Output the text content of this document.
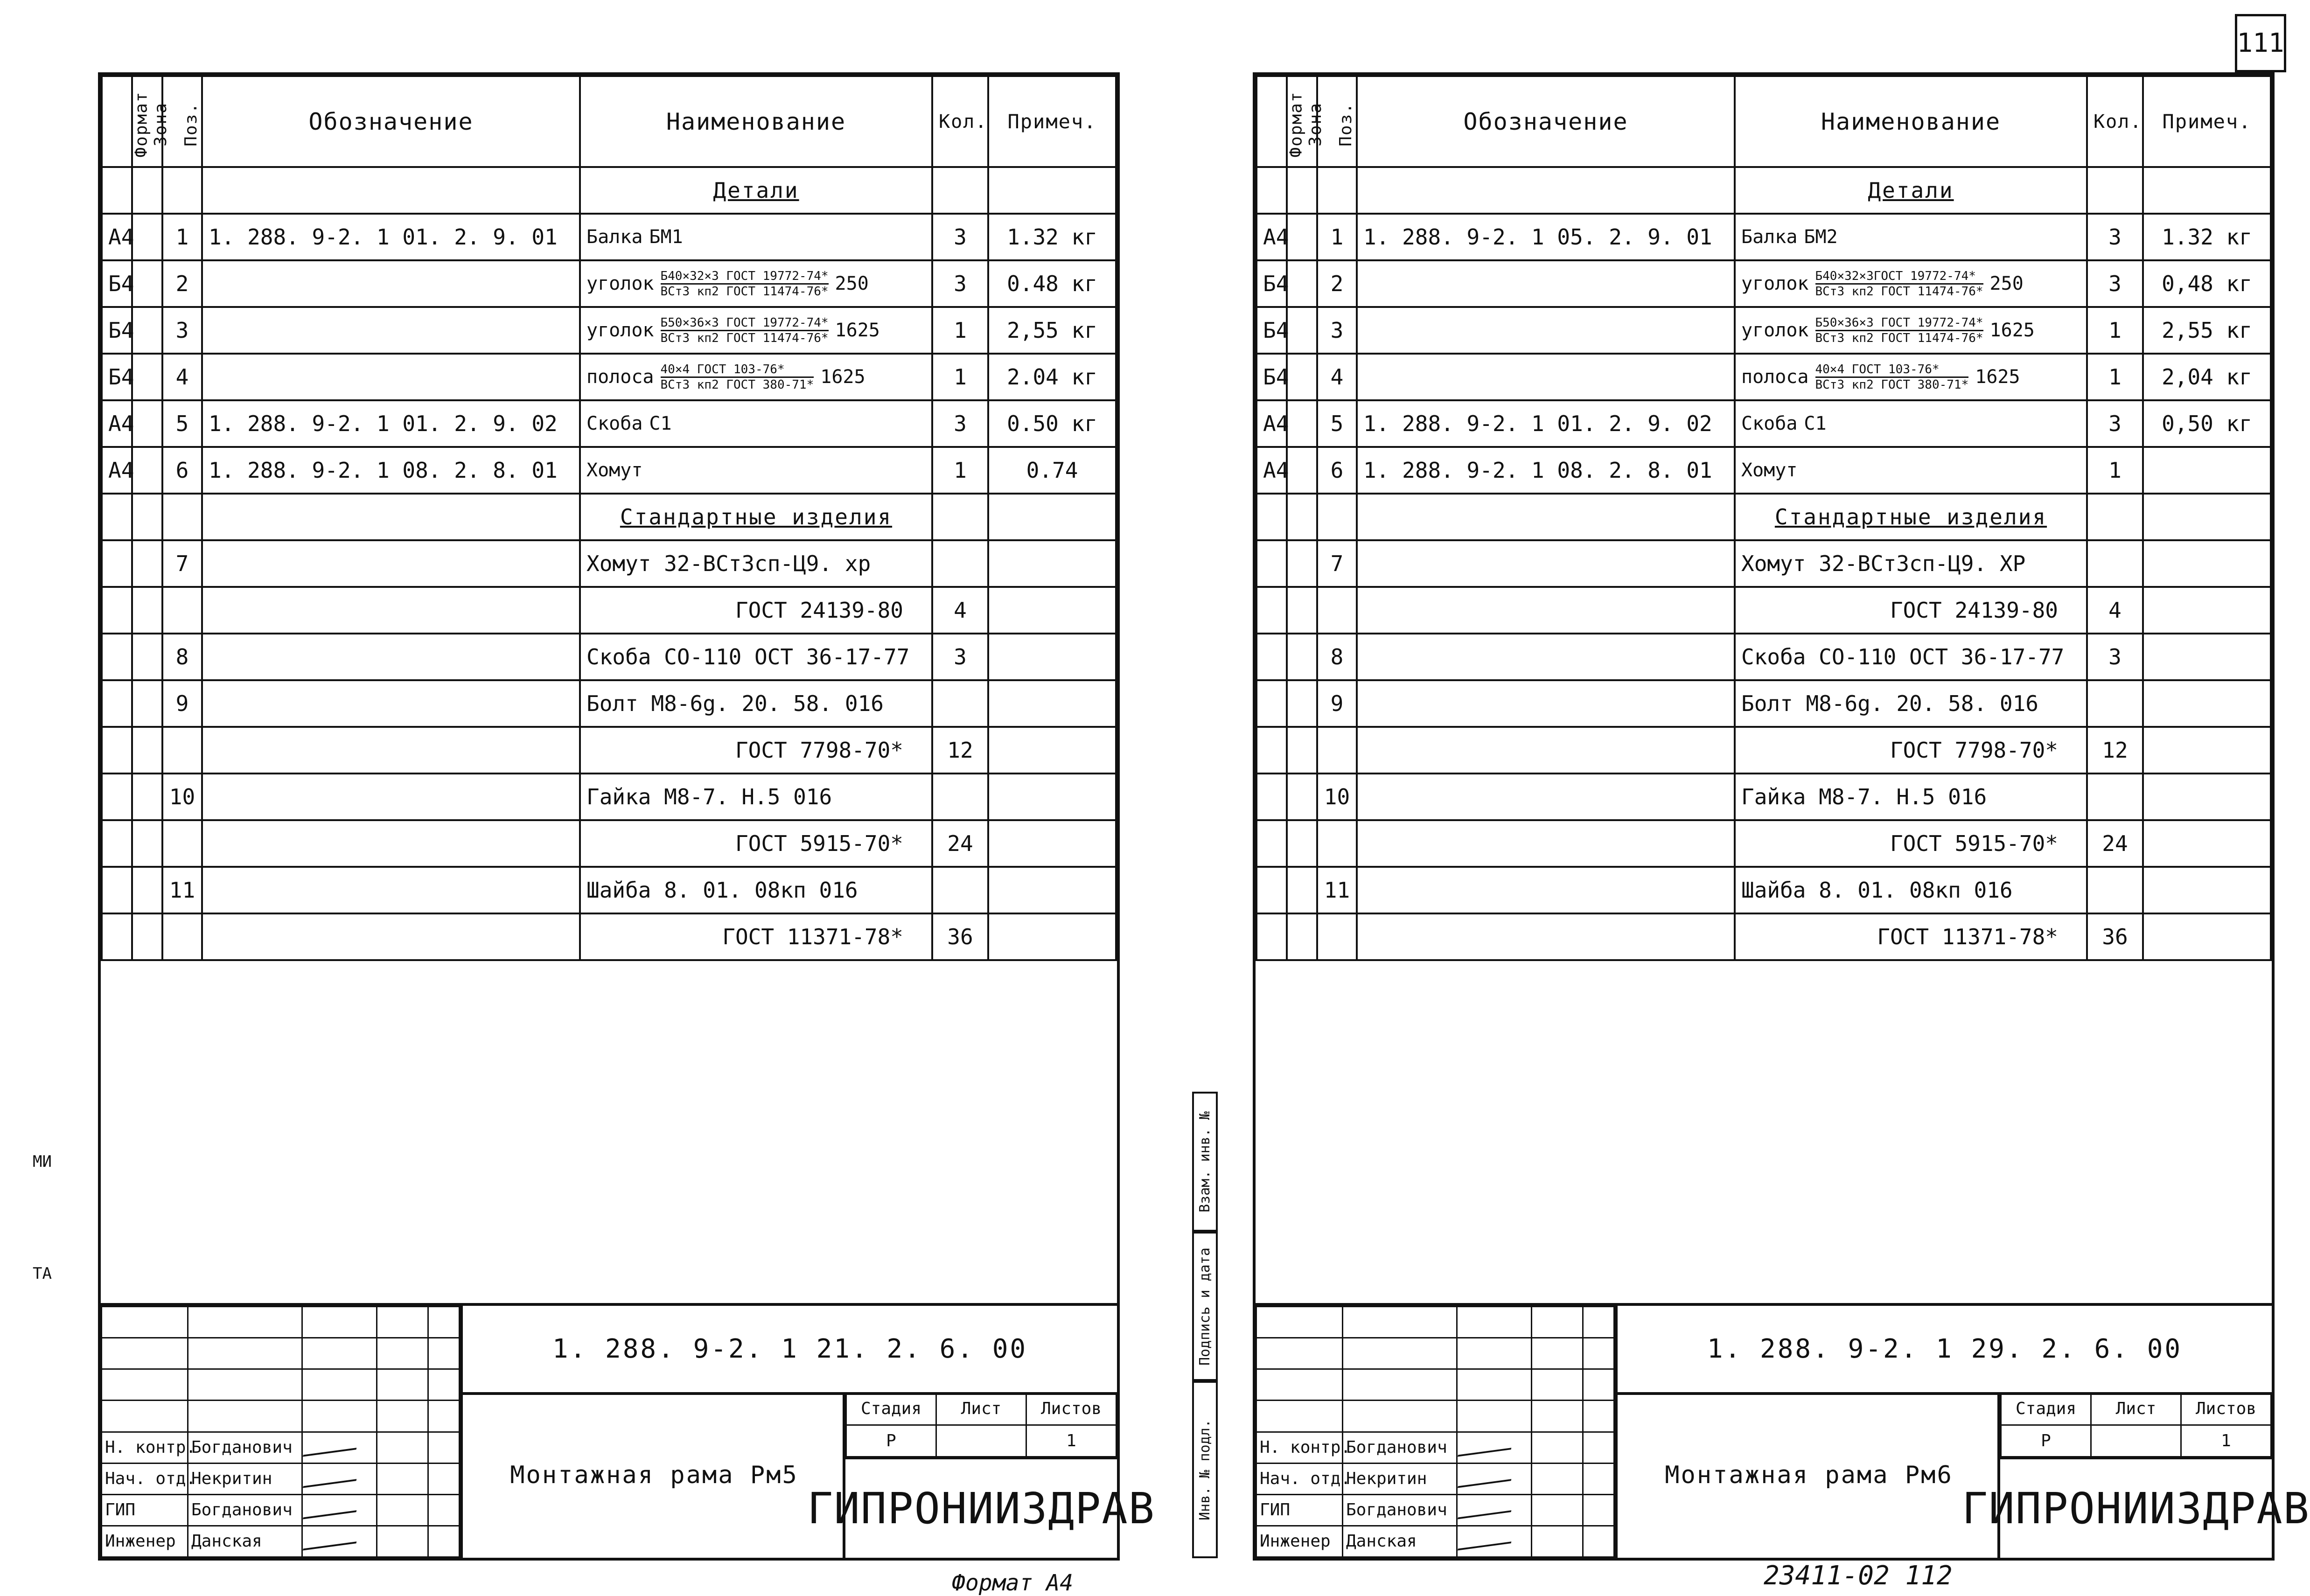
111
МИ
ТА
Инв. № подл.
Подпись и дата
Взам. инв. №
Формат	Зона	Поз.	Обозначение	Наименование	Кол.	Примеч.
				Детали		
А4		1	1. 288. 9-2. 1 01. 2. 9. 01	Балка БМ1	3	1.32 кг
Б4		2		уголок $\frac{\text{Б40×32×3 ГОСТ 19772-74*}}{\text{ВСт3 кп2 ГОСТ 11474-76*}} 250$	3	0.48 кг
Б4		3		уголок $\frac{\text{Б50×36×3 ГОСТ 19772-74*}}{\text{ВСт3 кп2 ГОСТ 11474-76*}} 1625$	1	2,55 кг
Б4		4		полоса $\frac{\text{40×4 ГОСТ 103-76*}}{\text{ВСт3 кп2 ГОСТ 380-71*}} 1625$	1	2.04 кг
А4		5	1. 288. 9-2. 1 01. 2. 9. 02	Скоба С1	3	0.50 кг
А4		6	1. 288. 9-2. 1 08. 2. 8. 01	Хомут	1	0.74
				Стандартные изделия		
		7		Хомут 32-ВСт3сп-Ц9. хр		
				ГОСТ 24139-80	4	
		8		Скоба СО-110 ОСТ 36-17-77	3	
		9		Болт М8-6g. 20. 58. 016		
				ГОСТ 7798-70*	12	
		10		Гайка М8-7. Н.5 016		
				ГОСТ 5915-70*	24	
		11		Шайба 8. 01. 08кп 016		
				ГОСТ 11371-78*	36	

Н. контр.	Богданович			
Нач. отд.	Некритин			
ГИП	Богданович			
Инженер	Данская			
1. 288. 9-2. 1 21. 2. 6. 00
Монтажная рама Рм5
Стадия	Лист	Листов
Р		1
ГИПРОНИИЗДРАВ
Формат	Зона	Поз.	Обозначение	Наименование	Кол.	Примеч.
				Детали		
А4		1	1. 288. 9-2. 1 05. 2. 9. 01	Балка БМ2	3	1.32 кг
Б4		2		уголок $\frac{\text{Б40×32×3ГОСТ 19772-74*}}{\text{ВСт3 кп2 ГОСТ 11474-76*}} 250$	3	0,48 кг
Б4		3		уголок $\frac{\text{Б50×36×3 ГОСТ 19772-74*}}{\text{ВСт3 кп2 ГОСТ 11474-76*}} 1625$	1	2,55 кг
Б4		4		полоса $\frac{\text{40×4 ГОСТ 103-76*}}{\text{ВСт3 кп2 ГОСТ 380-71*}} 1625$	1	2,04 кг
А4		5	1. 288. 9-2. 1 01. 2. 9. 02	Скоба С1	3	0,50 кг
А4		6	1. 288. 9-2. 1 08. 2. 8. 01	Хомут	1	
				Стандартные изделия		
		7		Хомут 32-ВСт3сп-Ц9. ХР		
				ГОСТ 24139-80	4	
		8		Скоба СО-110 ОСТ 36-17-77	3	
		9		Болт М8-6g. 20. 58. 016		
				ГОСТ 7798-70*	12	
		10		Гайка М8-7. Н.5 016		
				ГОСТ 5915-70*	24	
		11		Шайба 8. 01. 08кп 016		
				ГОСТ 11371-78*	36	

Н. контр.	Богданович			
Нач. отд.	Некритин			
ГИП	Богданович			
Инженер	Данская			
1. 288. 9-2. 1 29. 2. 6. 00
Монтажная рама Рм6
Стадия	Лист	Листов
Р		1
ГИПРОНИИЗДРАВ
Формат А4	23411-02 112
